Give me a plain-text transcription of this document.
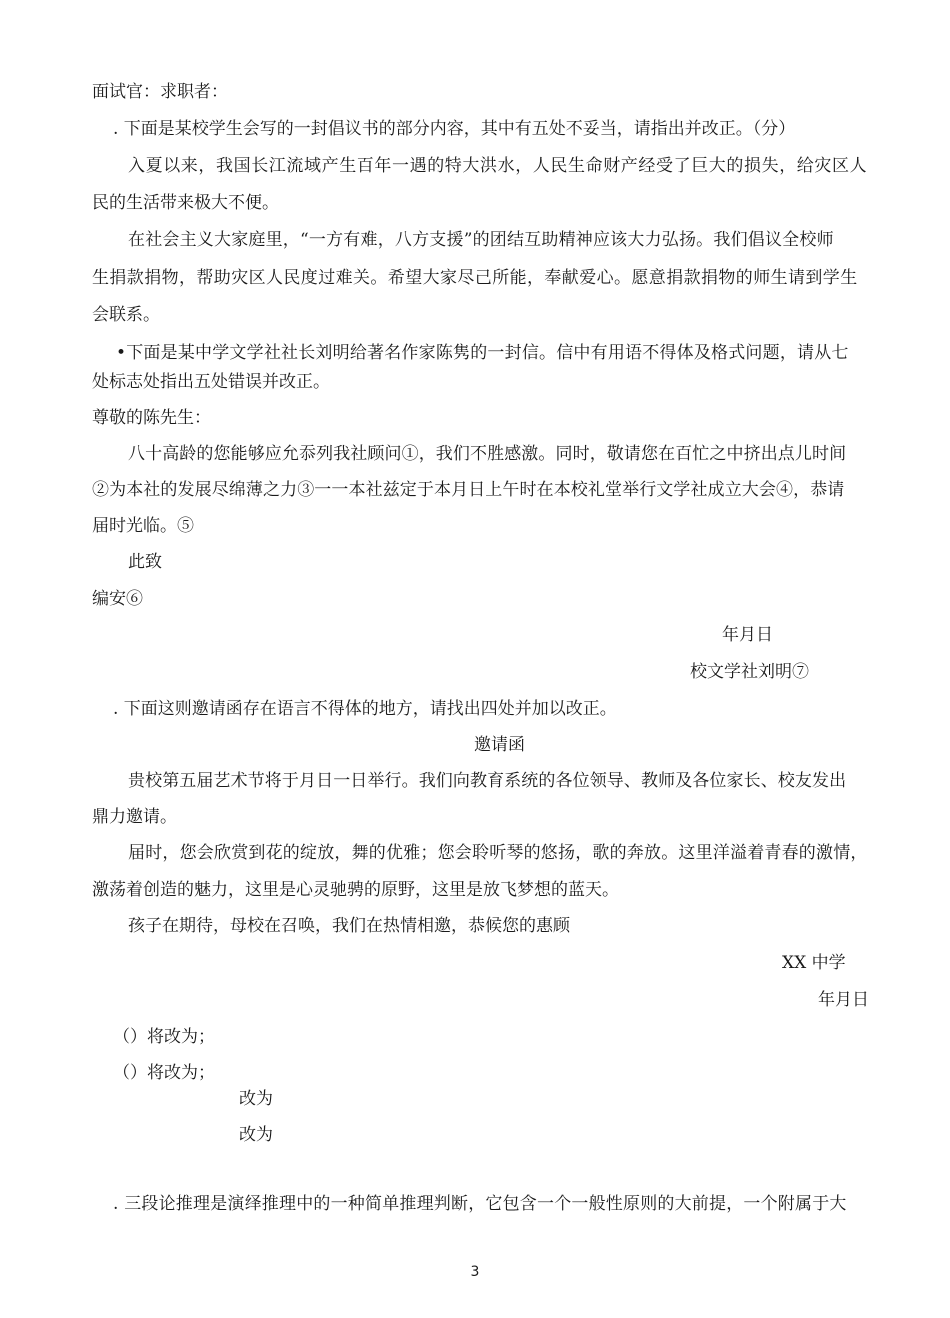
面试官：求职者：
. 下面是某校学生会写的一封倡议书的部分内容，其中有五处不妥当，请指出并改正。（分）
入夏以来，我国长江流域产生百年一遇的特大洪水，人民生命财产经受了巨大的损失，给灾区人
民的生活带来极大不便。
在社会主义大家庭里，“一方有难，八方支援”的团结互助精神应该大力弘扬。我们倡议全校师
生捐款捐物，帮助灾区人民度过难关。希望大家尽己所能，奉献爱心。愿意捐款捐物的师生请到学生
会联系。
•下面是某中学文学社社长刘明给著名作家陈隽的一封信。信中有用语不得体及格式问题，请从七
处标志处指出五处错误并改正。
尊敬的陈先生：
八十高龄的您能够应允忝列我社顾问①，我们不胜感激。同时，敬请您在百忙之中挤出点儿时间
②为本社的发展尽绵薄之力③一一本社兹定于本月日上午时在本校礼堂举行文学社成立大会④，恭请
届时光临。⑤
此致
编安⑥
年月日
校文学社刘明⑦
. 下面这则邀请函存在语言不得体的地方，请找出四处并加以改正。
邀请函
贵校第五届艺术节将于月日一日举行。我们向教育系统的各位领导、教师及各位家长、校友发出
鼎力邀请。
届时，您会欣赏到花的绽放，舞的优雅；您会聆听琴的悠扬，歌的奔放。这里洋溢着青春的激情，
激荡着创造的魅力，这里是心灵驰骋的原野，这里是放飞梦想的蓝天。
孩子在期待，母校在召唤，我们在热情相邀，恭候您的惠顾
XX 中学
年月日
（）将改为；
（）将改为；
改为
改为
. 三段论推理是演绎推理中的一种简单推理判断，它包含一个一般性原则的大前提，一个附属于大
3
